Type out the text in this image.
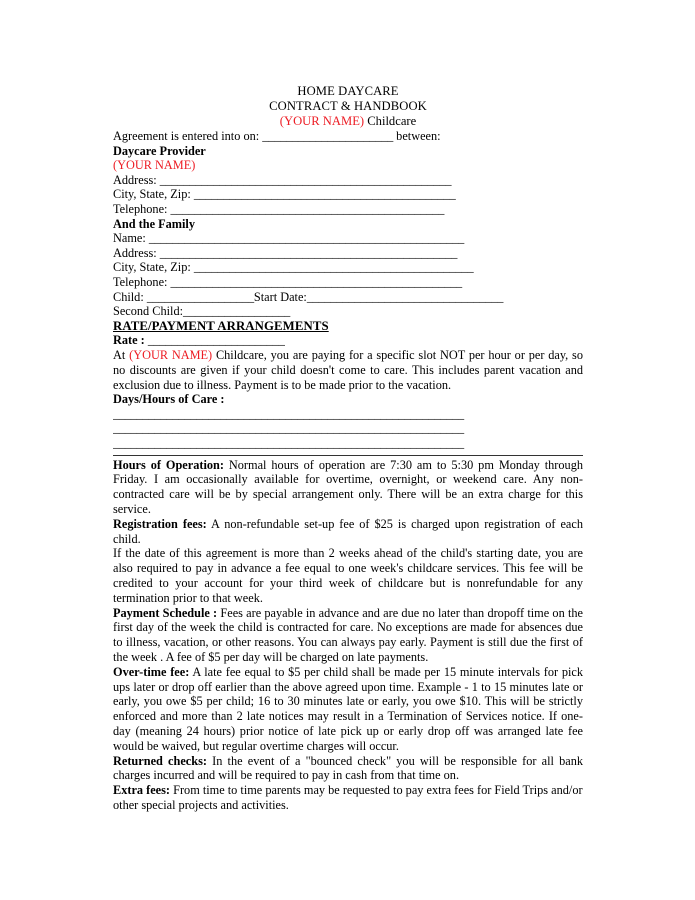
HOME DAYCARE
CONTRACT & HANDBOOK
(YOUR NAME) Childcare
Agreement is entered into on: ______________________ between:
Daycare Provider
(YOUR NAME)
Address: _________________________________________________
City, State, Zip: ____________________________________________
Telephone: ______________________________________________
And the Family
Name: _____________________________________________________
Address: __________________________________________________
City, State, Zip: _______________________________________________
Telephone: _________________________________________________
Child: __________________Start Date:_________________________________
Second Child:__________________
RATE/PAYMENT ARRANGEMENTS
Rate : _______________________
At (YOUR NAME) Childcare, you are paying for a specific slot NOT per hour or per day, so no discounts are given if your child doesn't come to care. This includes parent vacation and exclusion due to illness. Payment is to be made prior to the vacation.
Days/Hours of Care :
___________________________________________________________
___________________________________________________________
___________________________________________________________
Hours of Operation: Normal hours of operation are 7:30 am to 5:30 pm Monday through Friday. I am occasionally available for overtime, overnight, or weekend care. Any non-contracted care will be by special arrangement only. There will be an extra charge for this service.
Registration fees: A non-refundable set-up fee of $25 is charged upon registration of each child.
If the date of this agreement is more than 2 weeks ahead of the child's starting date, you are also required to pay in advance a fee equal to one week's childcare services. This fee will be credited to your account for your third week of childcare but is nonrefundable for any termination prior to that week.
Payment Schedule : Fees are payable in advance and are due no later than dropoff time on the first day of the week the child is contracted for care. No exceptions are made for absences due to illness, vacation, or other reasons. You can always pay early. Payment is still due the first of the week . A fee of $5 per day will be charged on late payments.
Over-time fee: A late fee equal to $5 per child shall be made per 15 minute intervals for pick ups later or drop off earlier than the above agreed upon time. Example - 1 to 15 minutes late or early, you owe $5 per child; 16 to 30 minutes late or early, you owe $10. This will be strictly enforced and more than 2 late notices may result in a Termination of Services notice. If one-day (meaning 24 hours) prior notice of late pick up or early drop off was arranged late fee would be waived, but regular overtime charges will occur.
Returned checks: In the event of a "bounced check" you will be responsible for all bank charges incurred and will be required to pay in cash from that time on.
Extra fees: From time to time parents may be requested to pay extra fees for Field Trips and/or other special projects and activities.
